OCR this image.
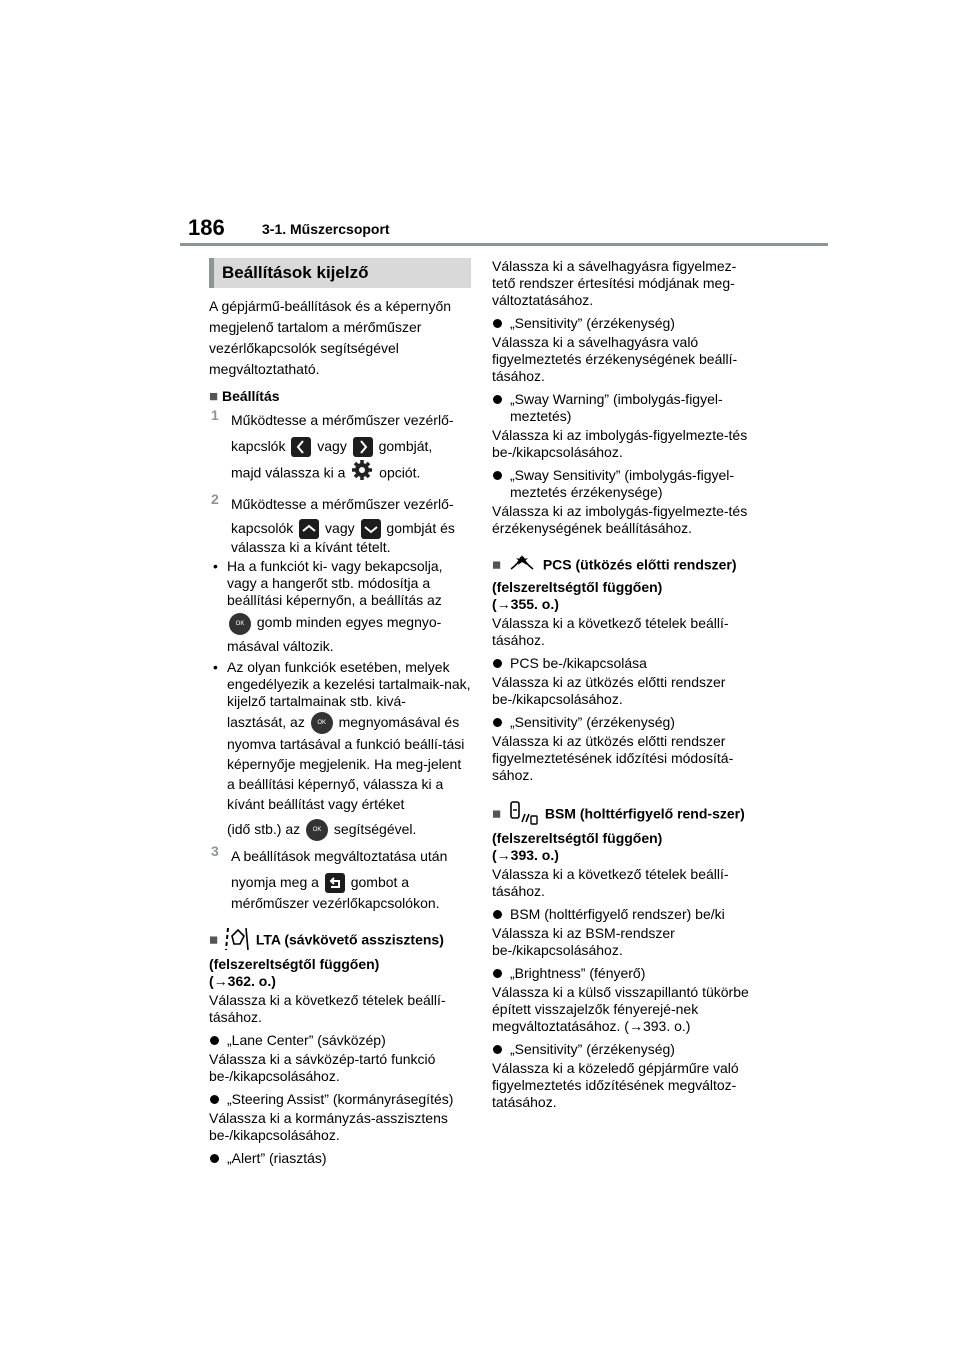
186	3-1. Műszercsoport
Beállítások kijelző

A gépjármű-beállítások és a képernyőn megjelenő tartalom a mérőműszer vezérlőkapcsolók segítségével megváltoztatható.

■ Beállítás
1 Működtesse a mérőműszer vezérlő-

kapcslók vagy gombját,

majd válassza ki a opciót.

2 Működtesse a mérőműszer vezérlő-

kapcsolók vagy gombját és

válassza ki a kívánt tételt.

• Ha a funkciót ki- vagy bekapcsolja, vagy a hangerőt stb. módosítja a beállítási képernyőn, a beállítás az

OK gomb minden egyes megnyo-másával változik.

• Az olyan funkciók esetében, melyek engedélyezik a kezelési tartalmaik-nak, kijelző tartalmainak stb. kivá-

lasztását, az OK megnyomásával és nyomva tartásával a funkció beállí-tási képernyője megjelenik. Ha meg-jelent a beállítási képernyő, válassza ki a kívánt beállítást vagy értéket

(idő stb.) az OK segítségével.

3 A beállítások megváltoztatása után

nyomja meg a gombot a

mérőműszer vezérlőkapcsolókon.

■	LTA (sávkövető asszisztens) (felszereltségtől függően)
(→362. o.)

Válassza ki a következő tételek beállí-tásához.

„Lane Center” (sávközép)

Válassza ki a sávközép-tartó funkció be-/kikapcsolásához.

„Steering Assist” (kormányrásegítés)

Válassza ki a kormányzás-asszisztens be-/kikapcsolásához.

„Alert” (riasztás)

Válassza ki a sávelhagyásra figyelmez-tető rendszer értesítési módjának meg-változtatásához.

„Sensitivity” (érzékenység)

Válassza ki a sávelhagyásra való figyelmeztetés érzékenységének beállí-tásához.

„Sway Warning” (imbolygás-figyel-meztetés)

Válassza ki az imbolygás-figyelmezte-tés be-/kikapcsolásához.

„Sway Sensitivity” (imbolygás-figyel-meztetés érzékenysége)

Válassza ki az imbolygás-figyelmezte-tés érzékenységének beállításához.

■	PCS (ütközés előtti rendszer) (felszereltségtől függően)
(→355. o.)

Válassza ki a következő tételek beállí-tásához.

PCS be-/kikapcsolása

Válassza ki az ütközés előtti rendszer be-/kikapcsolásához.

„Sensitivity” (érzékenység)

Válassza ki az ütközés előtti rendszer figyelmeztetésének időzítési módosítá-sához.

■	BSM (holttérfigyelő rend-szer) (felszereltségtől függően)
(→393. o.)

Válassza ki a következő tételek beállí-tásához.

BSM (holttérfigyelő rendszer) be/ki

Válassza ki az BSM-rendszer be-/kikapcsolásához.

„Brightness” (fényerő)

Válassza ki a külső visszapillantó tükörbe épített visszajelzők fényerejé-nek megváltoztatásához. (→393. o.)

„Sensitivity” (érzékenység)

Válassza ki a közeledő gépjárműre való figyelmeztetés időzítésének megváltoz-tatásához.
